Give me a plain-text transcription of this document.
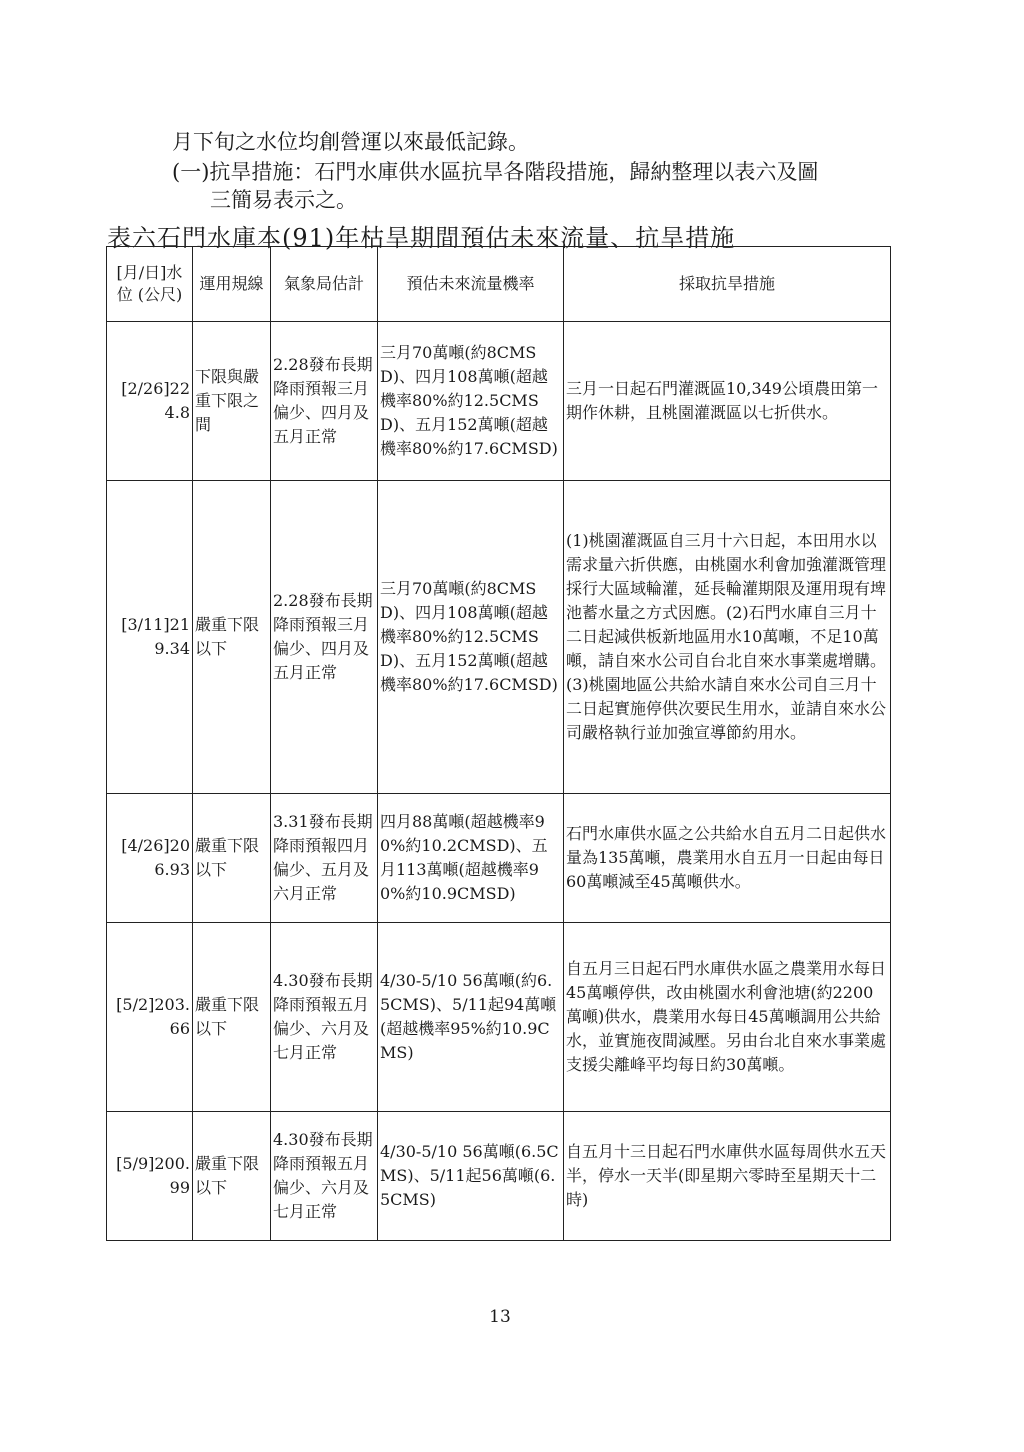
月下旬之水位均創營運以來最低記錄。
(一)抗旱措施：石門水庫供水區抗旱各階段措施，歸納整理以表六及圖
三簡易表示之。
表六石門水庫本(91)年枯旱期間預估未來流量、抗旱措施
[月/日]水位 (公尺)	運用規線	氣象局估計	預估未來流量機率	採取抗旱措施
[2/26]224.8	下限與嚴重下限之間	2.28發布長期降雨預報三月偏少、四月及五月正常	三月70萬噸(約8CMSD)、四月108萬噸(超越機率80%約12.5CMSD)、五月152萬噸(超越機率80%約17.6CMSD)	三月一日起石門灌溉區10,349公頃農田第一期作休耕，且桃園灌溉區以七折供水。
[3/11]219.34	嚴重下限以下	2.28發布長期降雨預報三月偏少、四月及五月正常	三月70萬噸(約8CMSD)、四月108萬噸(超越機率80%約12.5CMSD)、五月152萬噸(超越機率80%約17.6CMSD)	(1)桃園灌溉區自三月十六日起，本田用水以需求量六折供應，由桃園水利會加強灌溉管理採行大區域輪灌，延長輪灌期限及運用現有埤池蓄水量之方式因應。(2)石門水庫自三月十二日起減供板新地區用水10萬噸，不足10萬噸，請自來水公司自台北自來水事業處增購。(3)桃園地區公共給水請自來水公司自三月十二日起實施停供次要民生用水，並請自來水公司嚴格執行並加強宣導節約用水。
[4/26]206.93	嚴重下限以下	3.31發布長期降雨預報四月偏少、五月及六月正常	四月88萬噸(超越機率90%約10.2CMSD)、五月113萬噸(超越機率90%約10.9CMSD)	石門水庫供水區之公共給水自五月二日起供水量為135萬噸，農業用水自五月一日起由每日60萬噸減至45萬噸供水。
[5/2]203.66	嚴重下限以下	4.30發布長期降雨預報五月偏少、六月及七月正常	4/30-5/10 56萬噸(約6.5CMS)、5/11起94萬噸(超越機率95%約10.9CMS)	自五月三日起石門水庫供水區之農業用水每日45萬噸停供，改由桃園水利會池塘(約2200萬噸)供水，農業用水每日45萬噸調用公共給水，並實施夜間減壓。另由台北自來水事業處支援尖離峰平均每日約30萬噸。
[5/9]200.99	嚴重下限以下	4.30發布長期降雨預報五月偏少、六月及七月正常	4/30-5/10 56萬噸(6.5CMS)、5/11起56萬噸(6.5CMS)	自五月十三日起石門水庫供水區每周供水五天半，停水一天半(即星期六零時至星期天十二時)
13
